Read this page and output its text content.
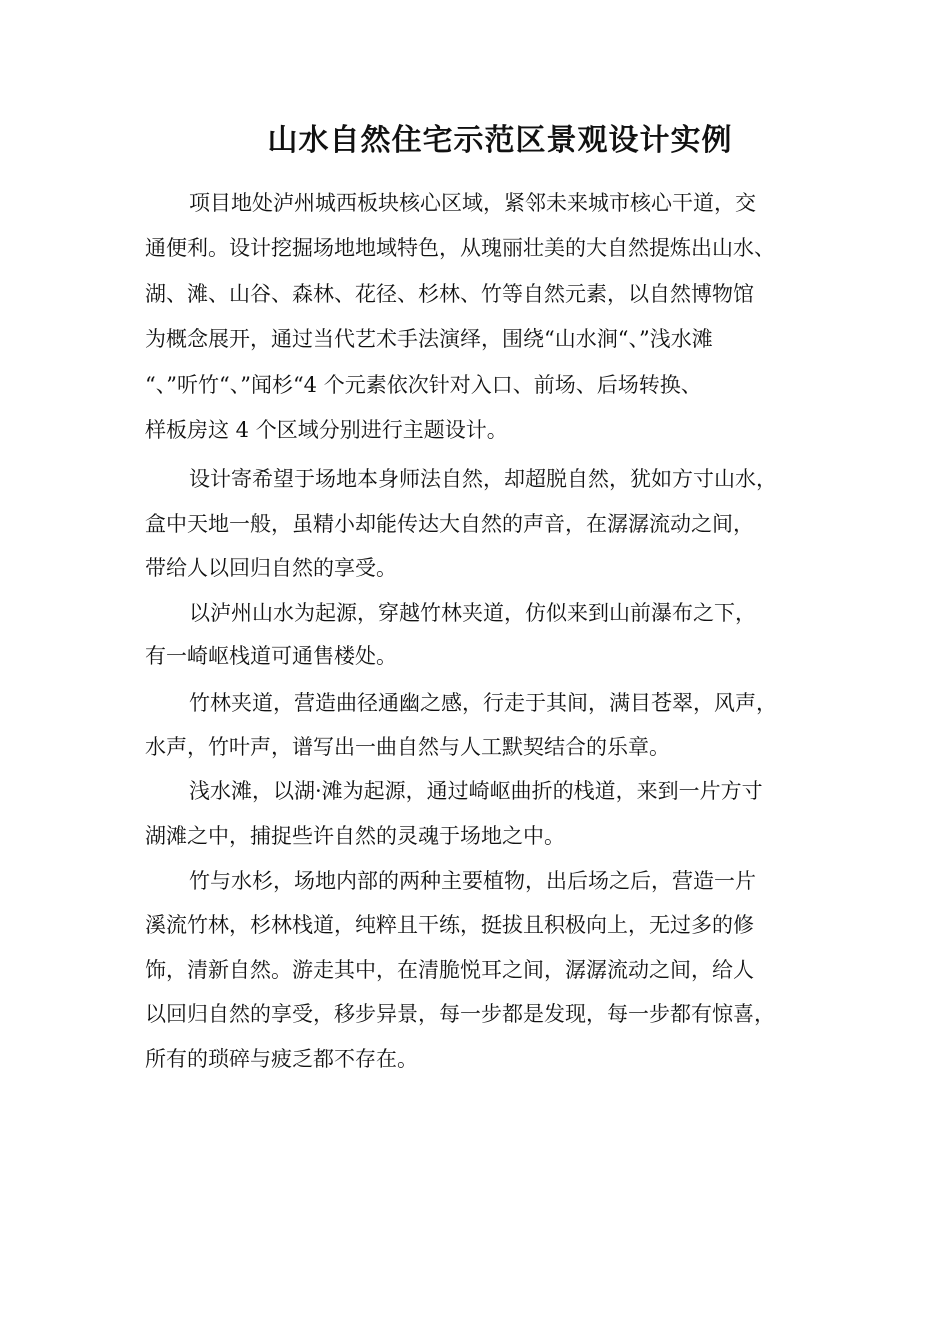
山水自然住宅示范区景观设计实例
项目地处泸州城西板块核心区域，紧邻未来城市核心干道，交
通便利。设计挖掘场地地域特色，从瑰丽壮美的大自然提炼出山水、
湖、滩、山谷、森林、花径、杉林、竹等自然元素，以自然博物馆
为概念展开，通过当代艺术手法演绎，围绕“山水涧“、”浅水滩
“、”听竹“、”闻杉“4 个元素依次针对入口、前场、后场转换、
样板房这 4 个区域分别进行主题设计。
设计寄希望于场地本身师法自然，却超脱自然，犹如方寸山水，
盒中天地一般，虽精小却能传达大自然的声音，在潺潺流动之间，
带给人以回归自然的享受。
以泸州山水为起源，穿越竹林夹道，仿似来到山前瀑布之下，
有一崎岖栈道可通售楼处。
竹林夹道，营造曲径通幽之感，行走于其间，满目苍翠，风声，
水声，竹叶声，谱写出一曲自然与人工默契结合的乐章。
浅水滩，以湖·滩为起源，通过崎岖曲折的栈道，来到一片方寸
湖滩之中，捕捉些许自然的灵魂于场地之中。
竹与水杉，场地内部的两种主要植物，出后场之后，营造一片
溪流竹林，杉林栈道，纯粹且干练，挺拔且积极向上，无过多的修
饰，清新自然。游走其中，在清脆悦耳之间，潺潺流动之间，给人
以回归自然的享受，移步异景，每一步都是发现，每一步都有惊喜，
所有的琐碎与疲乏都不存在。
